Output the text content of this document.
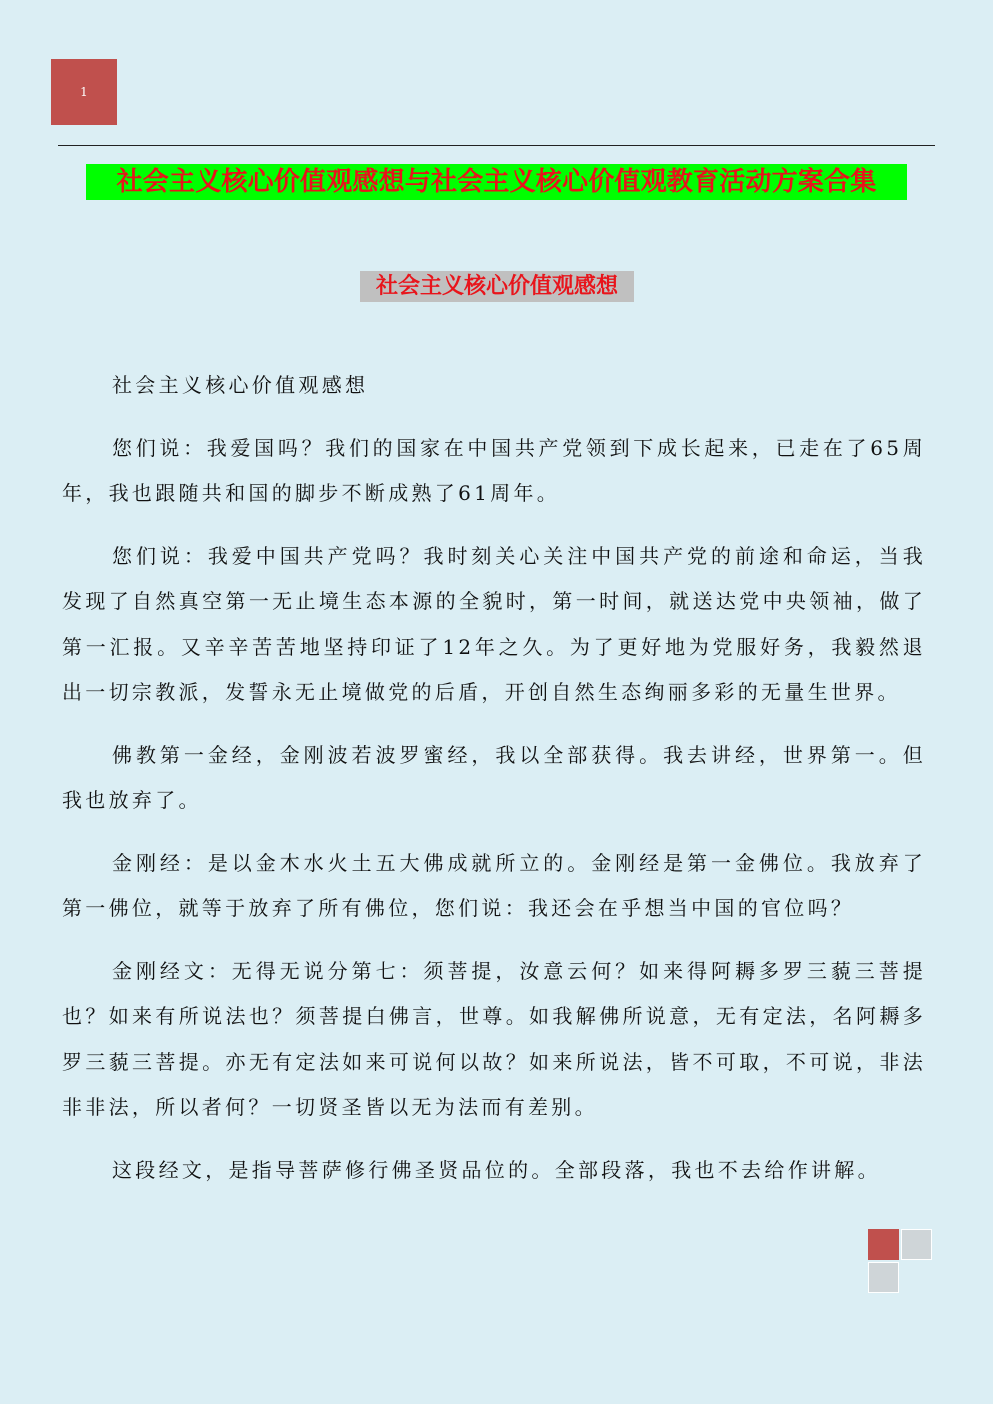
1
社会主义核心价值观感想与社会主义核心价值观教育活动方案合集
社会主义核心价值观感想

社会主义核心价值观感想

您们说：我爱国吗？我们的国家在中国共产党领到下成长起来，已走在了65周年，我也跟随共和国的脚步不断成熟了61周年。

您们说：我爱中国共产党吗？我时刻关心关注中国共产党的前途和命运，当我发现了自然真空第一无止境生态本源的全貌时，第一时间，就送达党中央领袖，做了第一汇报。又辛辛苦苦地坚持印证了12年之久。为了更好地为党服好务，我毅然退出一切宗教派，发誓永无止境做党的后盾，开创自然生态绚丽多彩的无量生世界。

佛教第一金经，金刚波若波罗蜜经，我以全部获得。我去讲经，世界第一。但我也放弃了。

金刚经：是以金木水火土五大佛成就所立的。金刚经是第一金佛位。我放弃了第一佛位，就等于放弃了所有佛位，您们说：我还会在乎想当中国的官位吗？

金刚经文：无得无说分第七：须菩提，汝意云何？如来得阿耨多罗三藐三菩提也？如来有所说法也？须菩提白佛言，世尊。如我解佛所说意，无有定法，名阿耨多罗三藐三菩提。亦无有定法如来可说何以故？如来所说法，皆不可取，不可说，非法非非法，所以者何？一切贤圣皆以无为法而有差别。

这段经文，是指导菩萨修行佛圣贤品位的。全部段落，我也不去给作讲解。
